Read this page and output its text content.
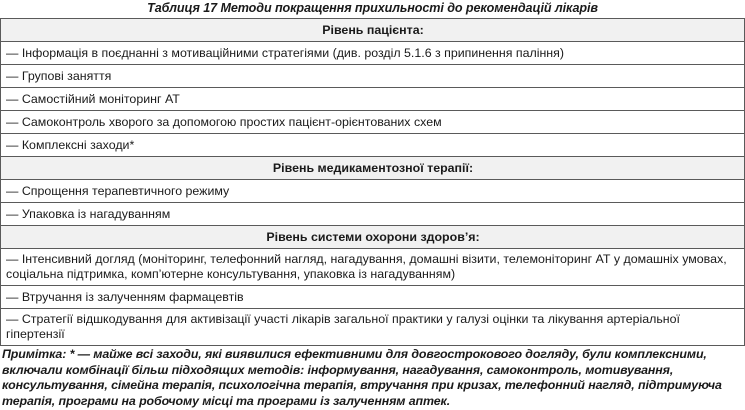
Таблиця 17 Методи покращення прихильності до рекомендацій лікарів
Рівень пацієнта:
— Інформація в поєднанні з мотиваційними стратегіями (див. розділ 5.1.6 з припинення паління)
— Групові заняття
— Самостійний моніторинг АТ
— Самоконтроль хворого за допомогою простих пацієнт-орієнтованих схем
— Комплексні заходи*
Рівень медикаментозної терапії:
— Спрощення терапевтичного режиму
— Упаковка із нагадуванням
Рівень системи охорони здоров’я:
— Інтенсивний догляд (моніторинг, телефонний нагляд, нагадування, домашні візити, телемоніторинг АТ у домашніх умовах, соціальна підтримка, комп’ютерне консультування, упаковка із нагадуванням)
— Втручання із залученням фармацевтів
— Стратегії відшкодування для активізації участі лікарів загальної практики у галузі оцінки та лікування артеріальної гіпертензії
Примітка: * — майже всі заходи, які виявилися ефективними для довгострокового догляду, були комплексними, включали комбінації більш підходящих методів: інформування, нагадування, самоконтроль, мотивування, консультування, сімейна терапія, психологічна терапія, втручання при кризах, телефонний нагляд, підтримуюча терапія, програми на робочому місці та програми із залученням аптек.
